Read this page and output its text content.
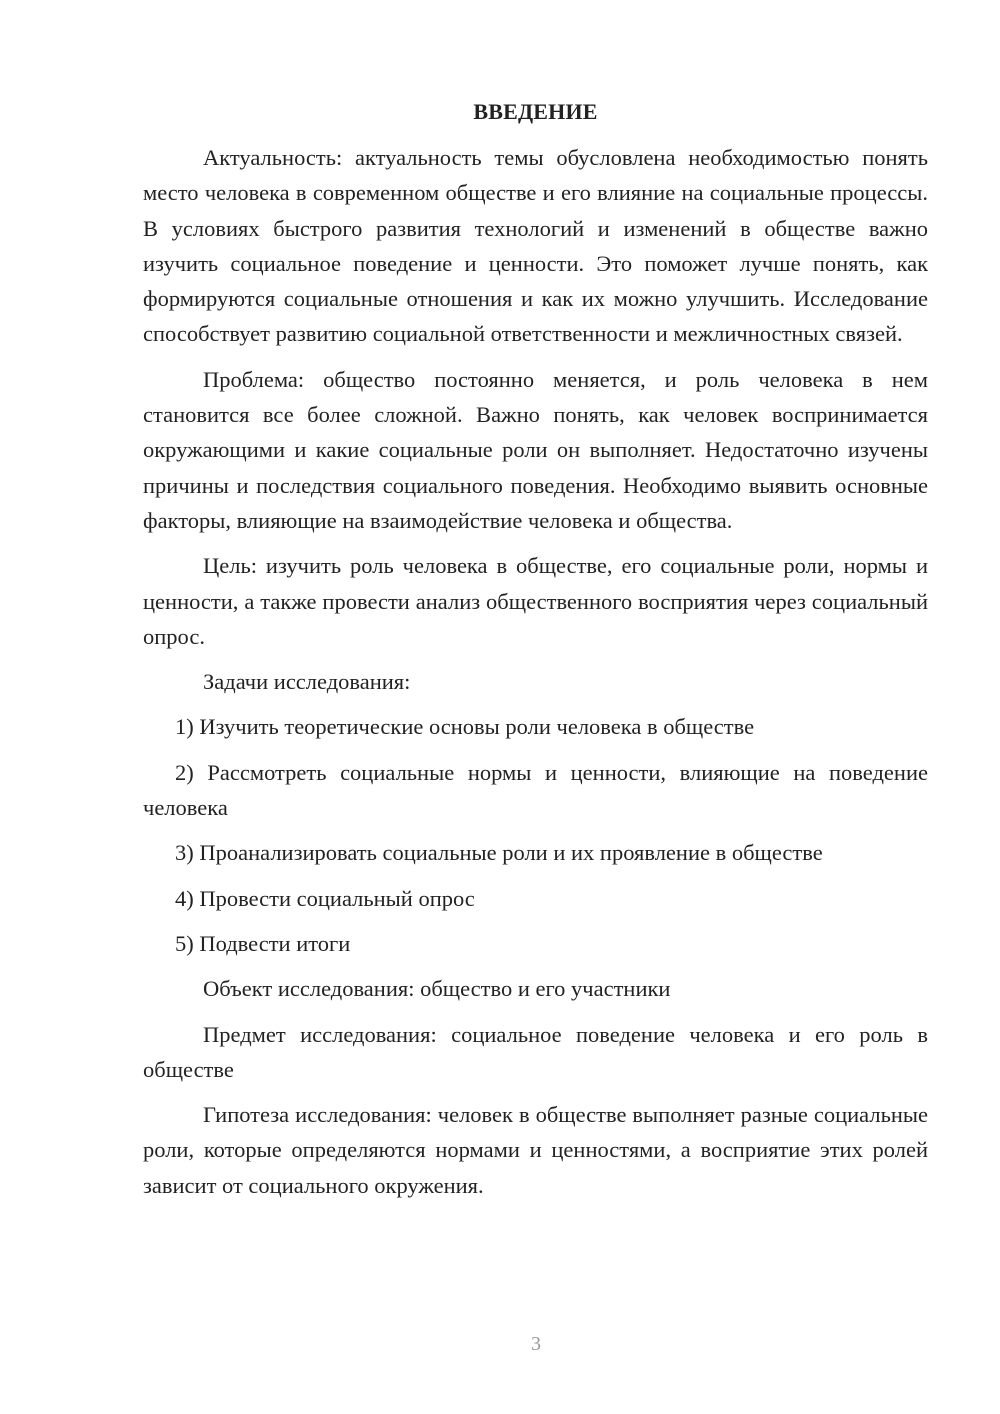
ВВЕДЕНИЕ

Актуальность: актуальность темы обусловлена необходимостью понять место человека в современном обществе и его влияние на социальные процессы. В условиях быстрого развития технологий и изменений в обществе важно изучить социальное поведение и ценности. Это поможет лучше понять, как формируются социальные отношения и как их можно улучшить. Исследование способствует развитию социальной ответственности и межличностных связей.

Проблема: общество постоянно меняется, и роль человека в нем становится все более сложной. Важно понять, как человек воспринимается окружающими и какие социальные роли он выполняет. Недостаточно изучены причины и последствия социального поведения. Необходимо выявить основные факторы, влияющие на взаимодействие человека и общества.

Цель: изучить роль человека в обществе, его социальные роли, нормы и ценности, а также провести анализ общественного восприятия через социальный опрос.

Задачи исследования:

1) Изучить теоретические основы роли человека в обществе

2) Рассмотреть социальные нормы и ценности, влияющие на поведение человека

3) Проанализировать социальные роли и их проявление в обществе

4) Провести социальный опрос

5) Подвести итоги

Объект исследования: общество и его участники

Предмет исследования: социальное поведение человека и его роль в обществе

Гипотеза исследования: человек в обществе выполняет разные социальные роли, которые определяются нормами и ценностями, а восприятие этих ролей зависит от социального окружения.

3
